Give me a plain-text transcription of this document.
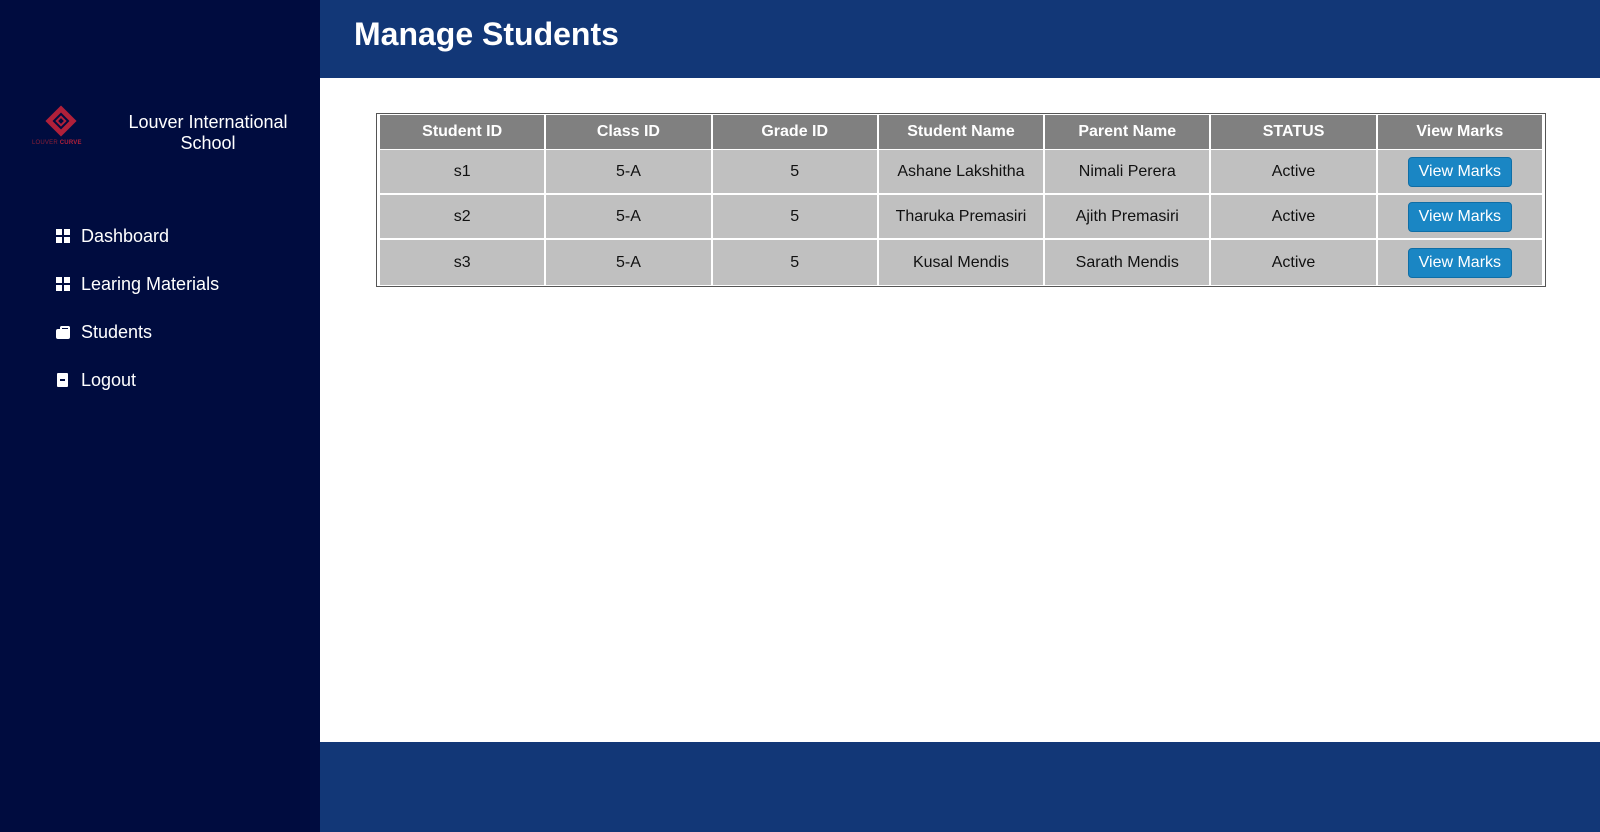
LOUVER CURVE
Louver International School
Dashboard
Learing Materials
Students
Logout
Manage Students
Student ID	Class ID	Grade ID	Student Name	Parent Name	STATUS	View Marks
s1	5-A	5	Ashane Lakshitha	Nimali Perera	Active	View Marks
s2	5-A	5	Tharuka Premasiri	Ajith Premasiri	Active	View Marks
s3	5-A	5	Kusal Mendis	Sarath Mendis	Active	View Marks
